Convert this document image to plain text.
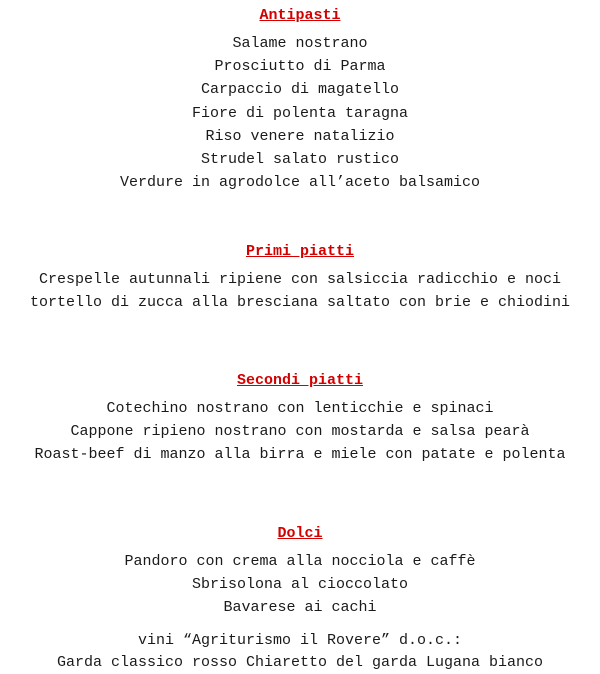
Antipasti
Salame nostrano
Prosciutto di Parma
Carpaccio di magatello
Fiore di polenta taragna
Riso venere natalizio
Strudel salato rustico
Verdure in agrodolce all’aceto balsamico
Primi piatti
Crespelle autunnali ripiene con salsiccia radicchio e noci
tortello di zucca alla bresciana saltato con brie e chiodini
Secondi piatti
Cotechino nostrano con lenticchie e spinaci
Cappone ripieno nostrano con mostarda e salsa pearà
Roast-beef di manzo alla birra e miele con patate e polenta
Dolci
Pandoro con crema alla nocciola e caffè
Sbrisolona al cioccolato
Bavarese ai cachi
vini “Agriturismo il Rovere” d.o.c.:
Garda classico rosso Chiaretto del garda Lugana bianco
